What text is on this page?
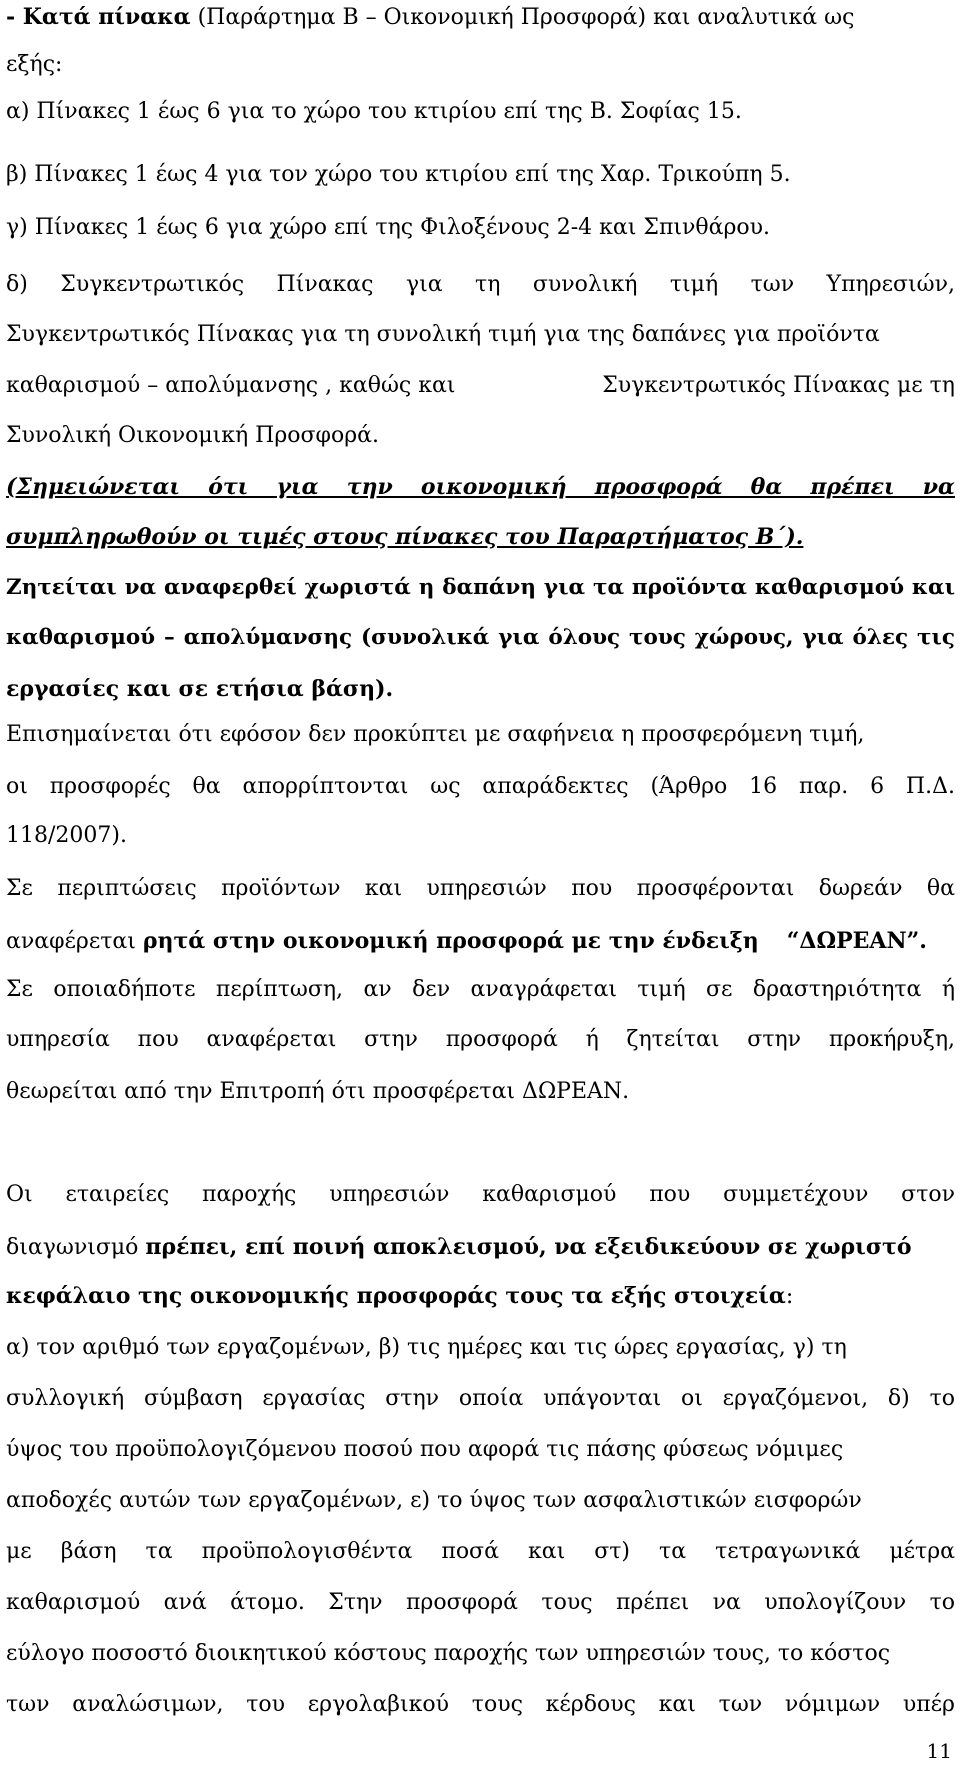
- Κατά πίνακα (Παράρτημα Β – Οικονομική Προσφορά) και αναλυτικά ως
εξής:
α) Πίνακες 1 έως 6 για το χώρο του κτιρίου επί της Β. Σοφίας 15.
β) Πίνακες 1 έως 4 για τον χώρο του κτιρίου επί της Χαρ. Τρικούπη 5.
γ) Πίνακες 1 έως 6 για χώρο επί της Φιλοξένους 2-4 και Σπινθάρου.
δ) Συγκεντρωτικός Πίνακας για τη συνολική τιμή των Υπηρεσιών,
Συγκεντρωτικός Πίνακας για τη συνολική τιμή για της δαπάνες για προϊόντα
καθαρισμού – απολύμανσης , καθώς και	Συγκεντρωτικός Πίνακας με τη
Συνολική Οικονομική Προσφορά.
(Σημειώνεται ότι για την οικονομική προσφορά θα πρέπει να
συμπληρωθούν οι τιμές στους πίνακες του Παραρτήματος Β΄).
Ζητείται να αναφερθεί χωριστά η δαπάνη για τα προϊόντα καθαρισμού και
καθαρισμού – απολύμανσης (συνολικά για όλους τους χώρους, για όλες τις
εργασίες και σε ετήσια βάση).
Επισημαίνεται ότι εφόσον δεν προκύπτει με σαφήνεια η προσφερόμενη τιμή,
οι προσφορές θα απορρίπτονται ως απαράδεκτες (Άρθρο 16 παρ. 6 Π.Δ.
118/2007).
Σε περιπτώσεις προϊόντων και υπηρεσιών που προσφέρονται δωρεάν θα
αναφέρεται ρητά στην οικονομική προσφορά με την ένδειξη “ΔΩΡΕΑΝ”.
Σε οποιαδήποτε περίπτωση, αν δεν αναγράφεται τιμή σε δραστηριότητα ή
υπηρεσία που αναφέρεται στην προσφορά ή ζητείται στην προκήρυξη,
θεωρείται από την Επιτροπή ότι προσφέρεται ΔΩΡΕΑΝ.
Οι εταιρείες παροχής υπηρεσιών καθαρισμού που συμμετέχουν στον
διαγωνισμό πρέπει, επί ποινή αποκλεισμού, να εξειδικεύουν σε χωριστό
κεφάλαιο της οικονομικής προσφοράς τους τα εξής στοιχεία:
α) τον αριθμό των εργαζομένων, β) τις ημέρες και τις ώρες εργασίας, γ) τη
συλλογική σύμβαση εργασίας στην οποία υπάγονται οι εργαζόμενοι, δ) το
ύψος του προϋπολογιζόμενου ποσού που αφορά τις πάσης φύσεως νόμιμες
αποδοχές αυτών των εργαζομένων, ε) το ύψος των ασφαλιστικών εισφορών
με βάση τα προϋπολογισθέντα ποσά και στ) τα τετραγωνικά μέτρα
καθαρισμού ανά άτομο. Στην προσφορά τους πρέπει να υπολογίζουν το
εύλογο ποσοστό διοικητικού κόστους παροχής των υπηρεσιών τους, το κόστος
των αναλώσιμων, του εργολαβικού τους κέρδους και των νόμιμων υπέρ
11
